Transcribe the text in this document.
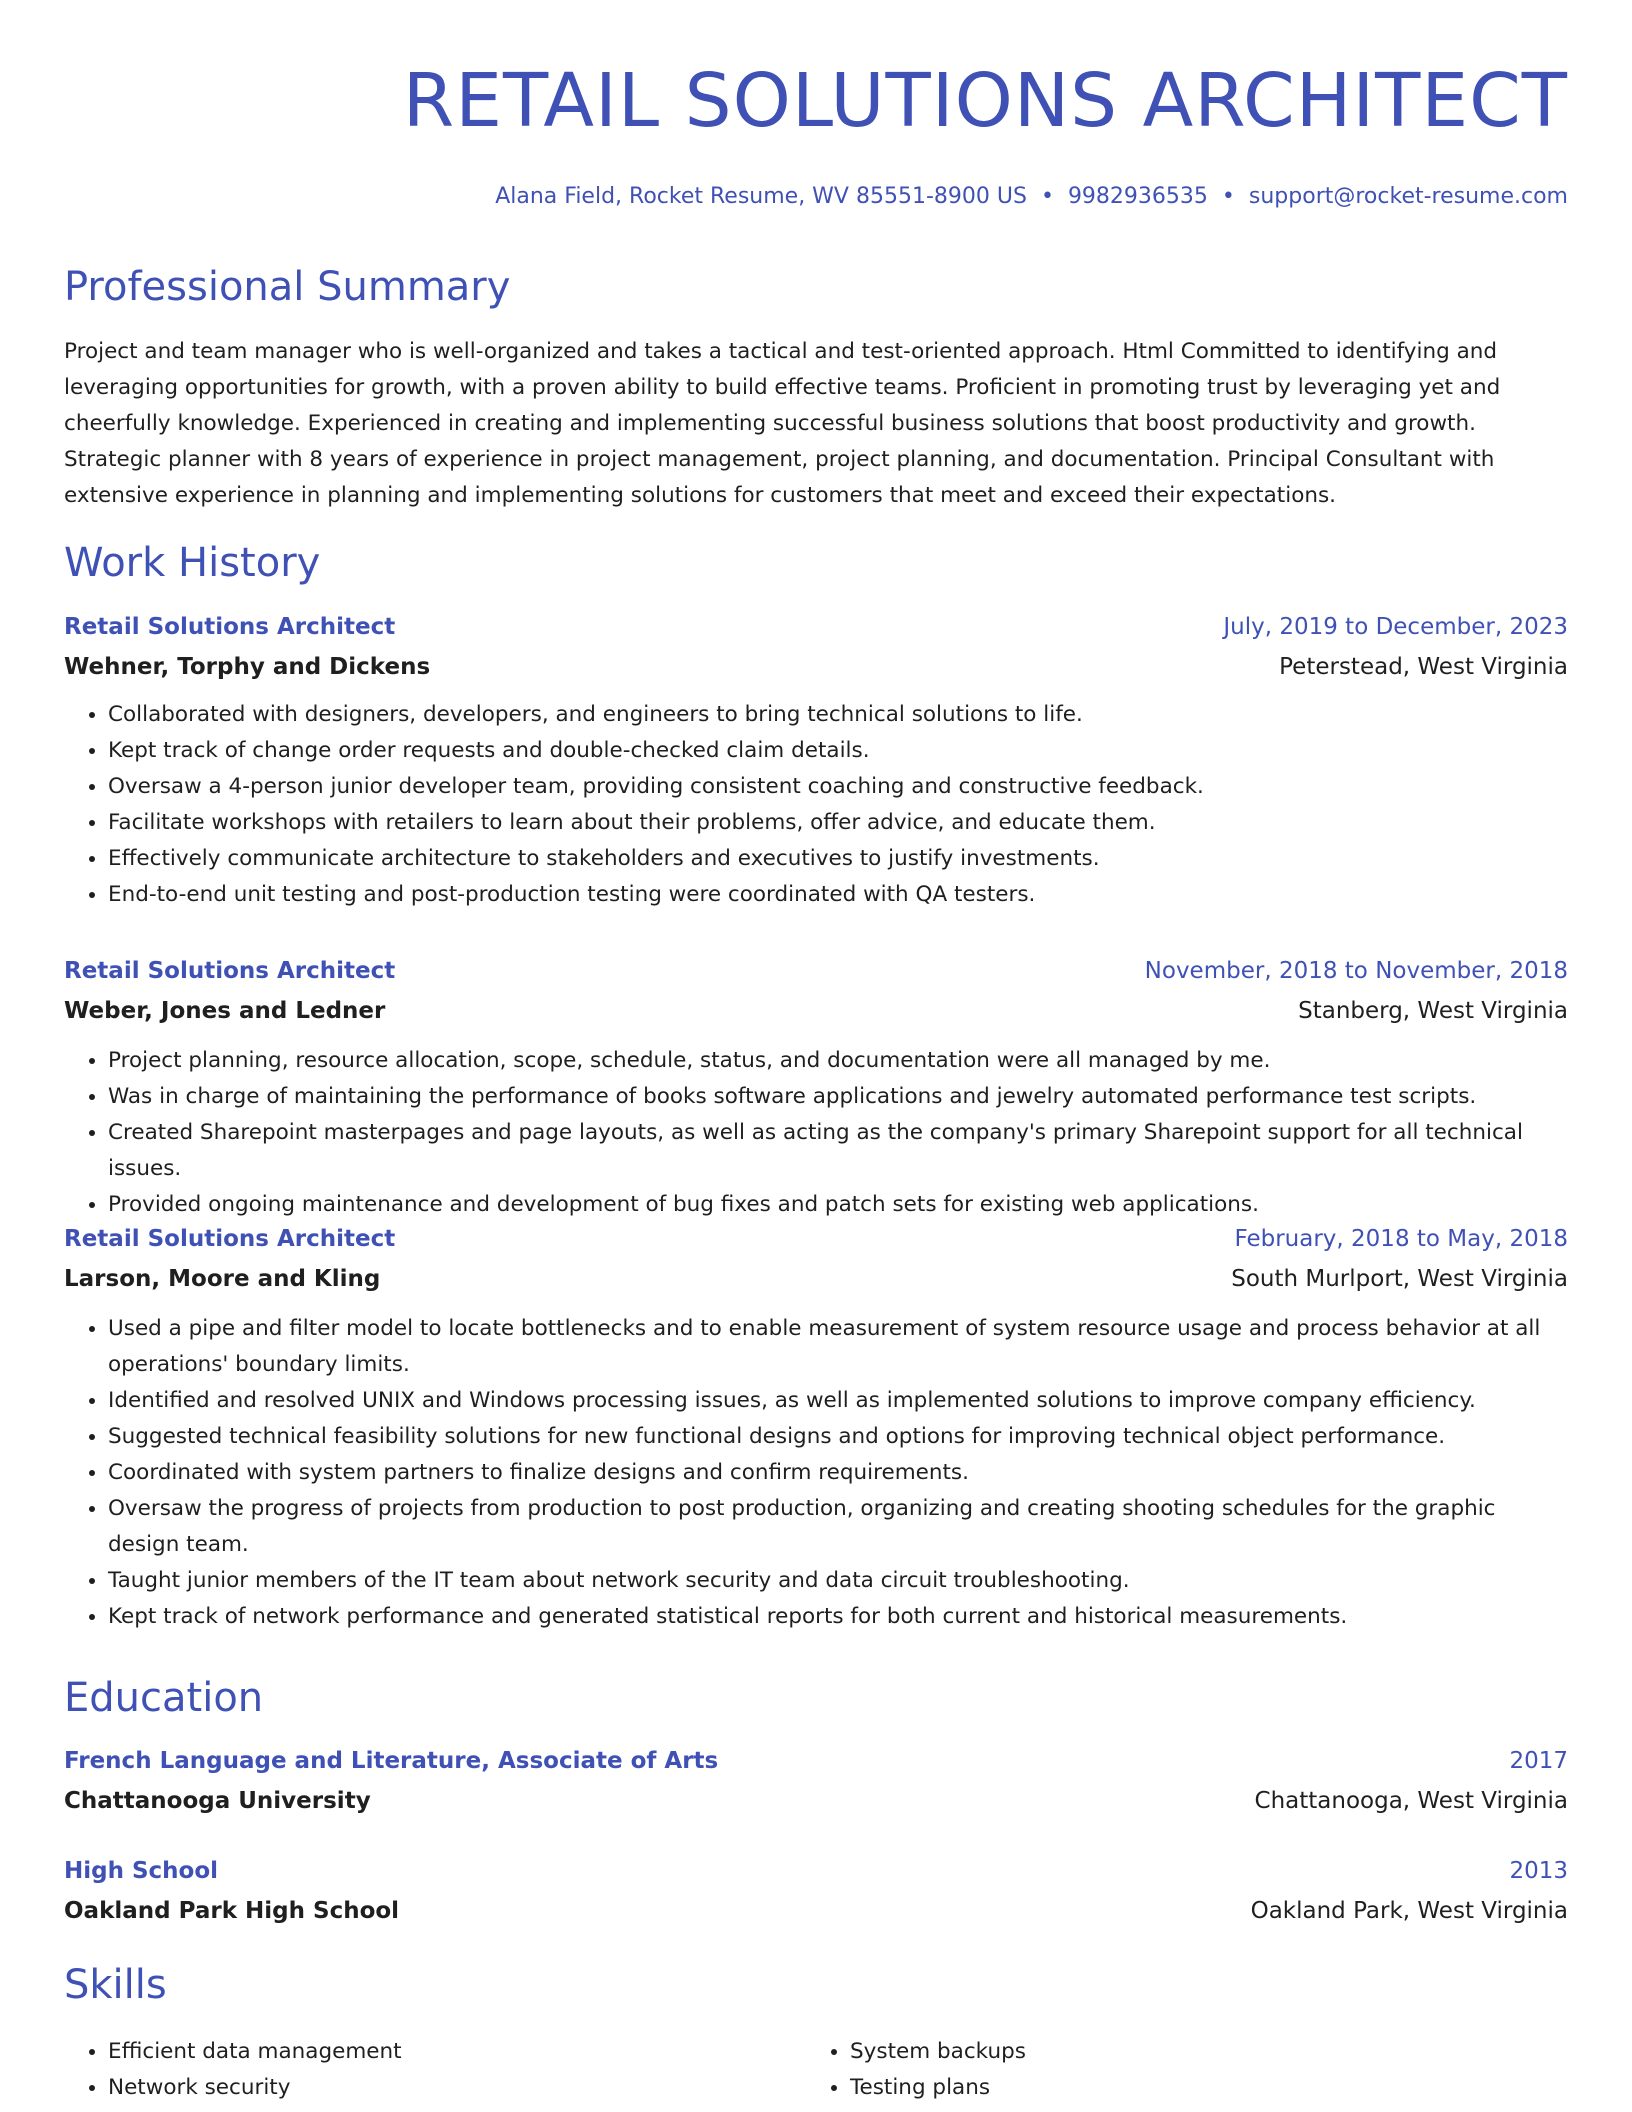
RETAIL SOLUTIONS ARCHITECT
Alana Field, Rocket Resume, WV 85551-8900 US • 9982936535 • support@rocket-resume.com
Professional Summary

Project and team manager who is well-organized and takes a tactical and test-oriented approach. Html Committed to identifying and leveraging opportunities for growth, with a proven ability to build effective teams. Proficient in promoting trust by leveraging yet and cheerfully knowledge. Experienced in creating and implementing successful business solutions that boost productivity and growth. Strategic planner with 8 years of experience in project management, project planning, and documentation. Principal Consultant with extensive experience in planning and implementing solutions for customers that meet and exceed their expectations.

Work History
Retail Solutions Architect	July, 2019 to December, 2023
Wehner, Torphy and Dickens	Peterstead, West Virginia
• Collaborated with designers, developers, and engineers to bring technical solutions to life.
• Kept track of change order requests and double-checked claim details.
• Oversaw a 4-person junior developer team, providing consistent coaching and constructive feedback.
• Facilitate workshops with retailers to learn about their problems, offer advice, and educate them.
• Effectively communicate architecture to stakeholders and executives to justify investments.
• End-to-end unit testing and post-production testing were coordinated with QA testers.
Retail Solutions Architect	November, 2018 to November, 2018
Weber, Jones and Ledner	Stanberg, West Virginia
• Project planning, resource allocation, scope, schedule, status, and documentation were all managed by me.
• Was in charge of maintaining the performance of books software applications and jewelry automated performance test scripts.
• Created Sharepoint masterpages and page layouts, as well as acting as the company's primary Sharepoint support for all technical issues.
• Provided ongoing maintenance and development of bug fixes and patch sets for existing web applications.
Retail Solutions Architect	February, 2018 to May, 2018
Larson, Moore and Kling	South Murlport, West Virginia
• Used a pipe and filter model to locate bottlenecks and to enable measurement of system resource usage and process behavior at all operations' boundary limits.
• Identified and resolved UNIX and Windows processing issues, as well as implemented solutions to improve company efficiency.
• Suggested technical feasibility solutions for new functional designs and options for improving technical object performance.
• Coordinated with system partners to finalize designs and confirm requirements.
• Oversaw the progress of projects from production to post production, organizing and creating shooting schedules for the graphic design team.
• Taught junior members of the IT team about network security and data circuit troubleshooting.
• Kept track of network performance and generated statistical reports for both current and historical measurements.
Education
French Language and Literature, Associate of Arts	2017
Chattanooga University	Chattanooga, West Virginia
High School	2013
Oakland Park High School	Oakland Park, West Virginia
Skills
• Efficient data management
• Network security
• System backups
• Testing plans
